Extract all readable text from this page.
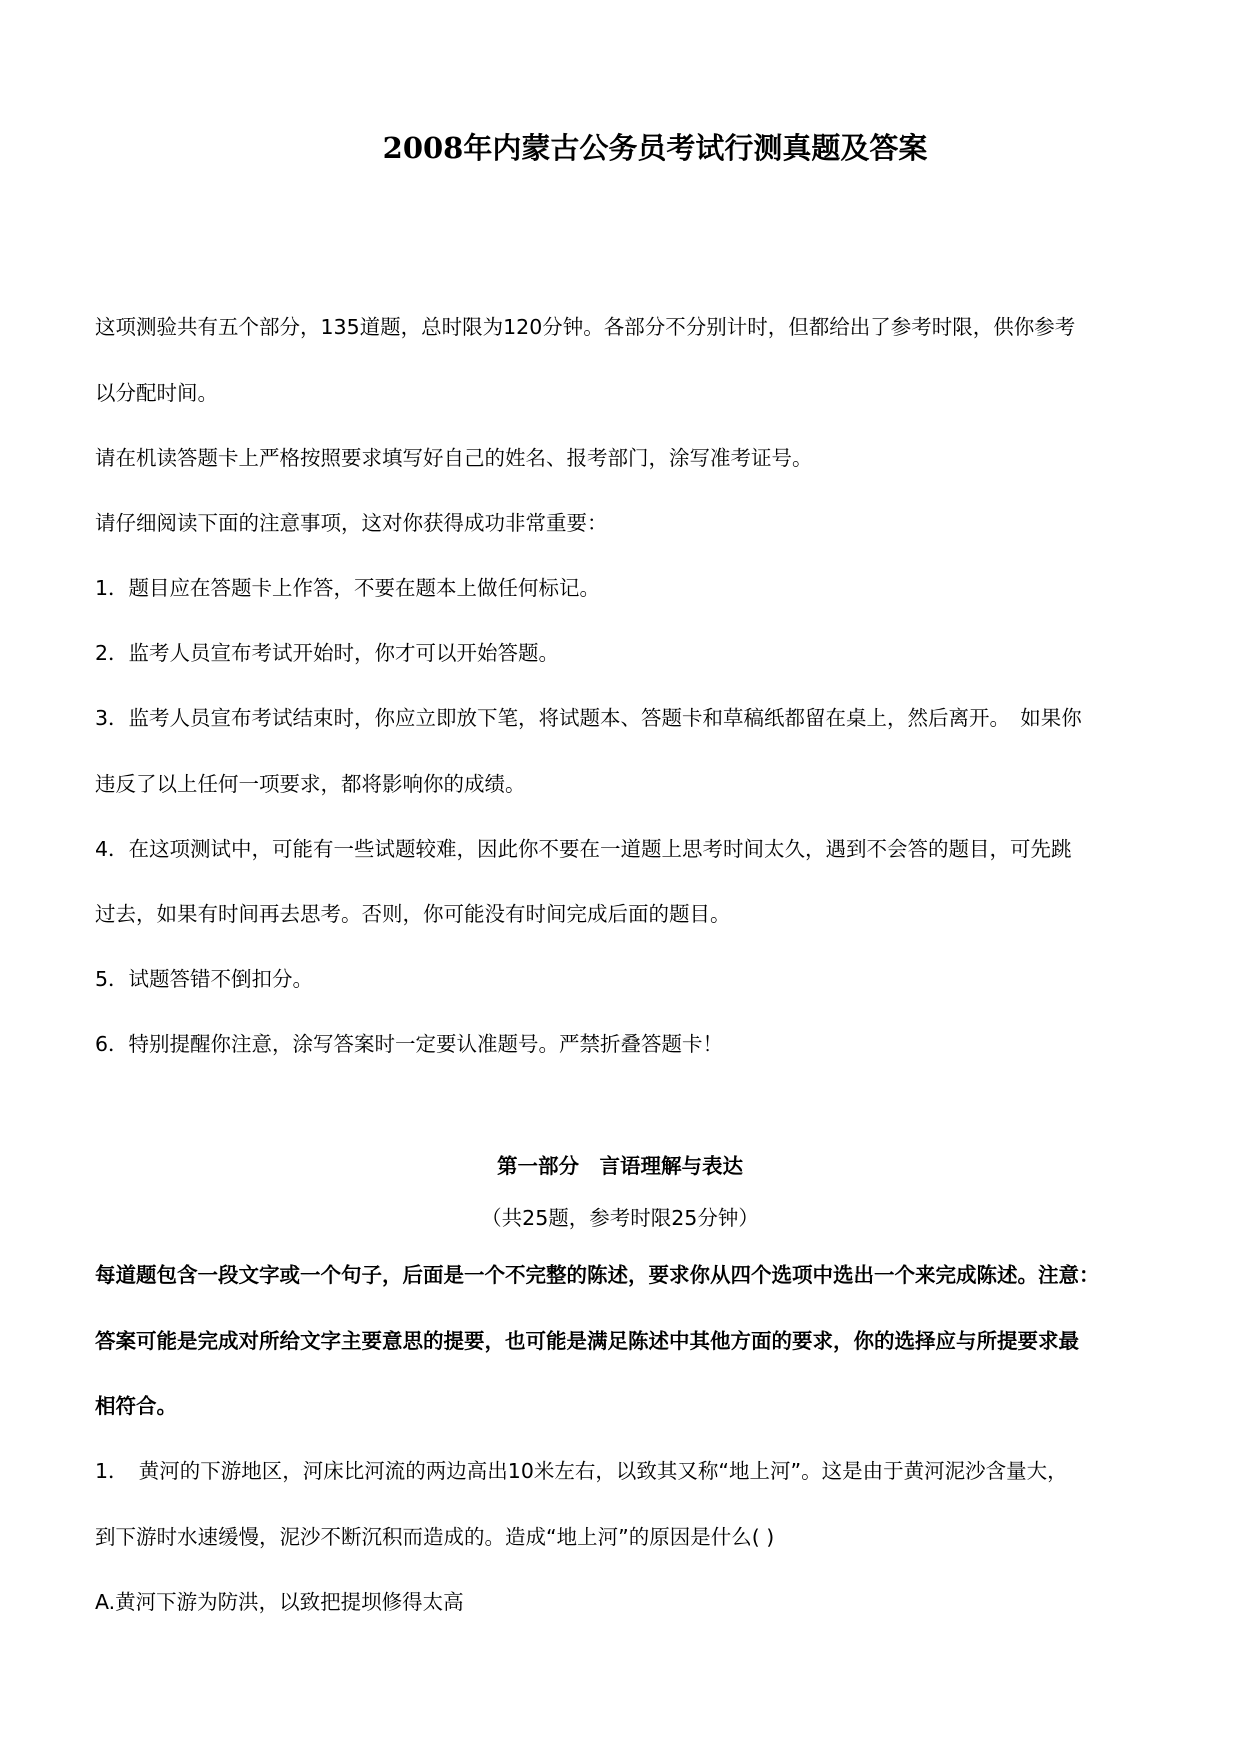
2008年内蒙古公务员考试行测真题及答案

这项测验共有五个部分，135道题，总时限为120分钟。各部分不分别计时，但都给出了参考时限，供你参考

以分配时间。

请在机读答题卡上严格按照要求填写好自己的姓名、报考部门，涂写准考证号。

请仔细阅读下面的注意事项，这对你获得成功非常重要：

1．题目应在答题卡上作答，不要在题本上做任何标记。

2．监考人员宣布考试开始时，你才可以开始答题。

3．监考人员宣布考试结束时，你应立即放下笔，将试题本、答题卡和草稿纸都留在桌上，然后离开。　如果你

违反了以上任何一项要求，都将影响你的成绩。

4．在这项测试中，可能有一些试题较难，因此你不要在一道题上思考时间太久，遇到不会答的题目，可先跳

过去，如果有时间再去思考。否则，你可能没有时间完成后面的题目。

5．试题答错不倒扣分。

6．特别提醒你注意，涂写答案时一定要认准题号。严禁折叠答题卡！

第一部分　言语理解与表达

（共25题，参考时限25分钟）

每道题包含一段文字或一个句子，后面是一个不完整的陈述，要求你从四个选项中选出一个来完成陈述。注意：

答案可能是完成对所给文字主要意思的提要，也可能是满足陈述中其他方面的要求，你的选择应与所提要求最

相符合。

1．　黄河的下游地区，河床比河流的两边高出10米左右，以致其又称“地上河”。这是由于黄河泥沙含量大，

到下游时水速缓慢，泥沙不断沉积而造成的。造成“地上河”的原因是什么( )

A.黄河下游为防洪，以致把提坝修得太高
